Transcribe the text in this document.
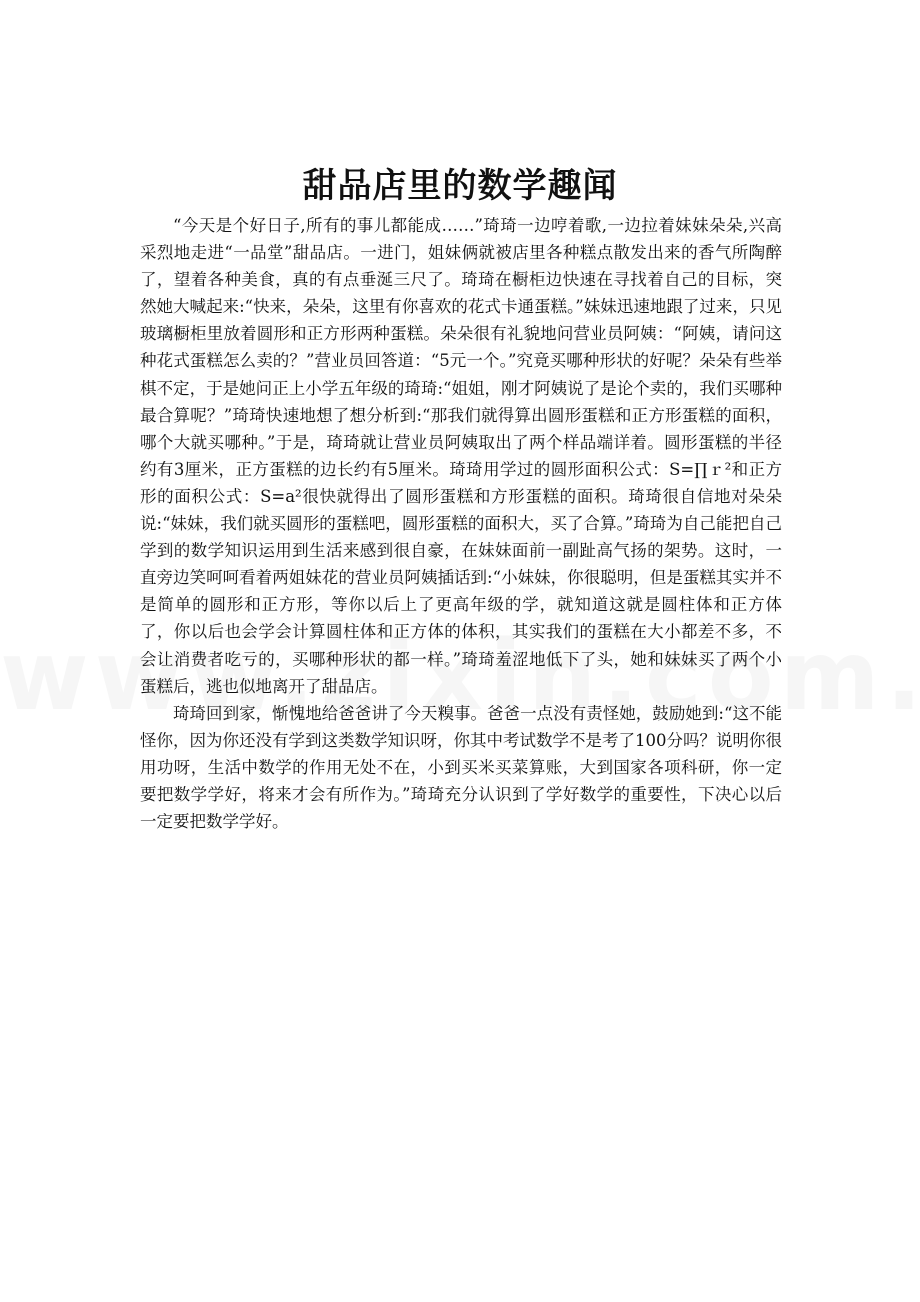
甜品店里的数学趣闻

“今天是个好日子,所有的事儿都能成……”琦琦一边哼着歌,一边拉着妹妹朵朵,兴高采烈地走进“一品堂”甜品店。一进门，姐妹俩就被店里各种糕点散发出来的香气所陶醉了，望着各种美食，真的有点垂涎三尺了。琦琦在橱柜边快速在寻找着自己的目标，突然她大喊起来:“快来，朵朵，这里有你喜欢的花式卡通蛋糕。”妹妹迅速地跟了过来，只见玻璃橱柜里放着圆形和正方形两种蛋糕。朵朵很有礼貌地问营业员阿姨：“阿姨，请问这种花式蛋糕怎么卖的？”营业员回答道：“5元一个。”究竟买哪种形状的好呢？朵朵有些举棋不定，于是她问正上小学五年级的琦琦:“姐姐，刚才阿姨说了是论个卖的，我们买哪种最合算呢？”琦琦快速地想了想分析到:“那我们就得算出圆形蛋糕和正方形蛋糕的面积，哪个大就买哪种。”于是，琦琦就让营业员阿姨取出了两个样品端详着。圆形蛋糕的半径约有3厘米，正方蛋糕的边长约有5厘米。琦琦用学过的圆形面积公式：S=∏ｒ²和正方形的面积公式：S=a²很快就得出了圆形蛋糕和方形蛋糕的面积。琦琦很自信地对朵朵说:“妹妹，我们就买圆形的蛋糕吧，圆形蛋糕的面积大，买了合算。”琦琦为自己能把自己学到的数学知识运用到生活来感到很自豪，在妹妹面前一副趾高气扬的架势。这时，一直旁边笑呵呵看着两姐妹花的营业员阿姨插话到:“小妹妹，你很聪明，但是蛋糕其实并不是简单的圆形和正方形，等你以后上了更高年级的学，就知道这就是圆柱体和正方体了，你以后也会学会计算圆柱体和正方体的体积，其实我们的蛋糕在大小都差不多，不会让消费者吃亏的，买哪种形状的都一样。”琦琦羞涩地低下了头，她和妹妹买了两个小蛋糕后，逃也似地离开了甜品店。

琦琦回到家，惭愧地给爸爸讲了今天糗事。爸爸一点没有责怪她，鼓励她到:“这不能怪你，因为你还没有学到这类数学知识呀，你其中考试数学不是考了100分吗？说明你很用功呀，生活中数学的作用无处不在，小到买米买菜算账，大到国家各项科研，你一定要把数学学好，将来才会有所作为。”琦琦充分认识到了学好数学的重要性，下决心以后一定要把数学学好。
